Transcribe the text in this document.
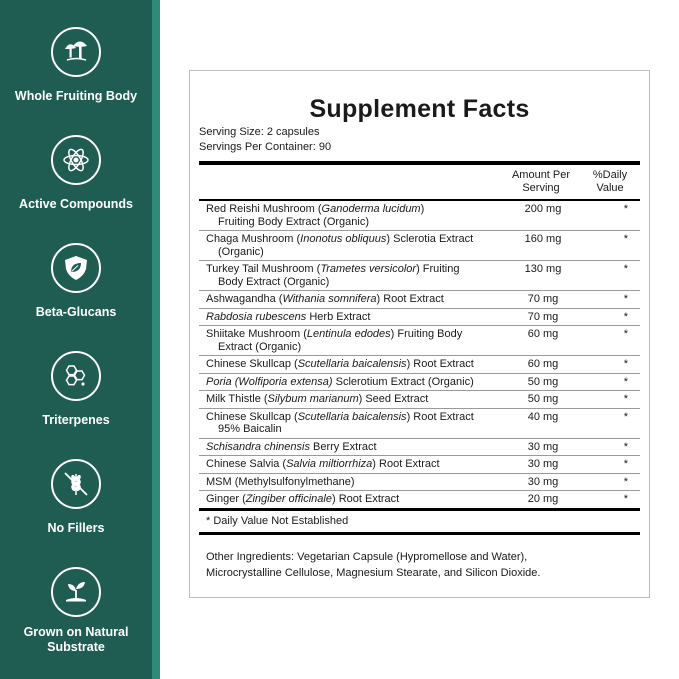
Whole Fruiting Body
Active Compounds
Beta-Glucans
Triterpenes
No Fillers
Grown on Natural Substrate
Supplement Facts
Serving Size: 2 capsules
Servings Per Container: 90
Amount Per Serving
%Daily Value
Red Reishi Mushroom (Ganoderma lucidum)
Fruiting Body Extract (Organic)
200 mg	*
Chaga Mushroom (Inonotus obliquus) Sclerotia Extract
(Organic)
160 mg	*
Turkey Tail Mushroom (Trametes versicolor) Fruiting
Body Extract (Organic)
130 mg	*
Ashwagandha (Withania somnifera) Root Extract	70 mg	*
Rabdosia rubescens Herb Extract	70 mg	*
Shiitake Mushroom (Lentinula edodes) Fruiting Body
Extract (Organic)
60 mg	*
Chinese Skullcap (Scutellaria baicalensis) Root Extract	60 mg	*
Poria (Wolfiporia extensa) Sclerotium Extract (Organic)	50 mg	*
Milk Thistle (Silybum marianum) Seed Extract	50 mg	*
Chinese Skullcap (Scutellaria baicalensis) Root Extract
95% Baicalin
40 mg	*
Schisandra chinensis Berry Extract	30 mg	*
Chinese Salvia (Salvia miltiorrhiza) Root Extract	30 mg	*
MSM (Methylsulfonylmethane)	30 mg	*
Ginger (Zingiber officinale) Root Extract	20 mg	*
* Daily Value Not Established
Other Ingredients: Vegetarian Capsule (Hypromellose and Water),
Microcrystalline Cellulose, Magnesium Stearate, and Silicon Dioxide.
